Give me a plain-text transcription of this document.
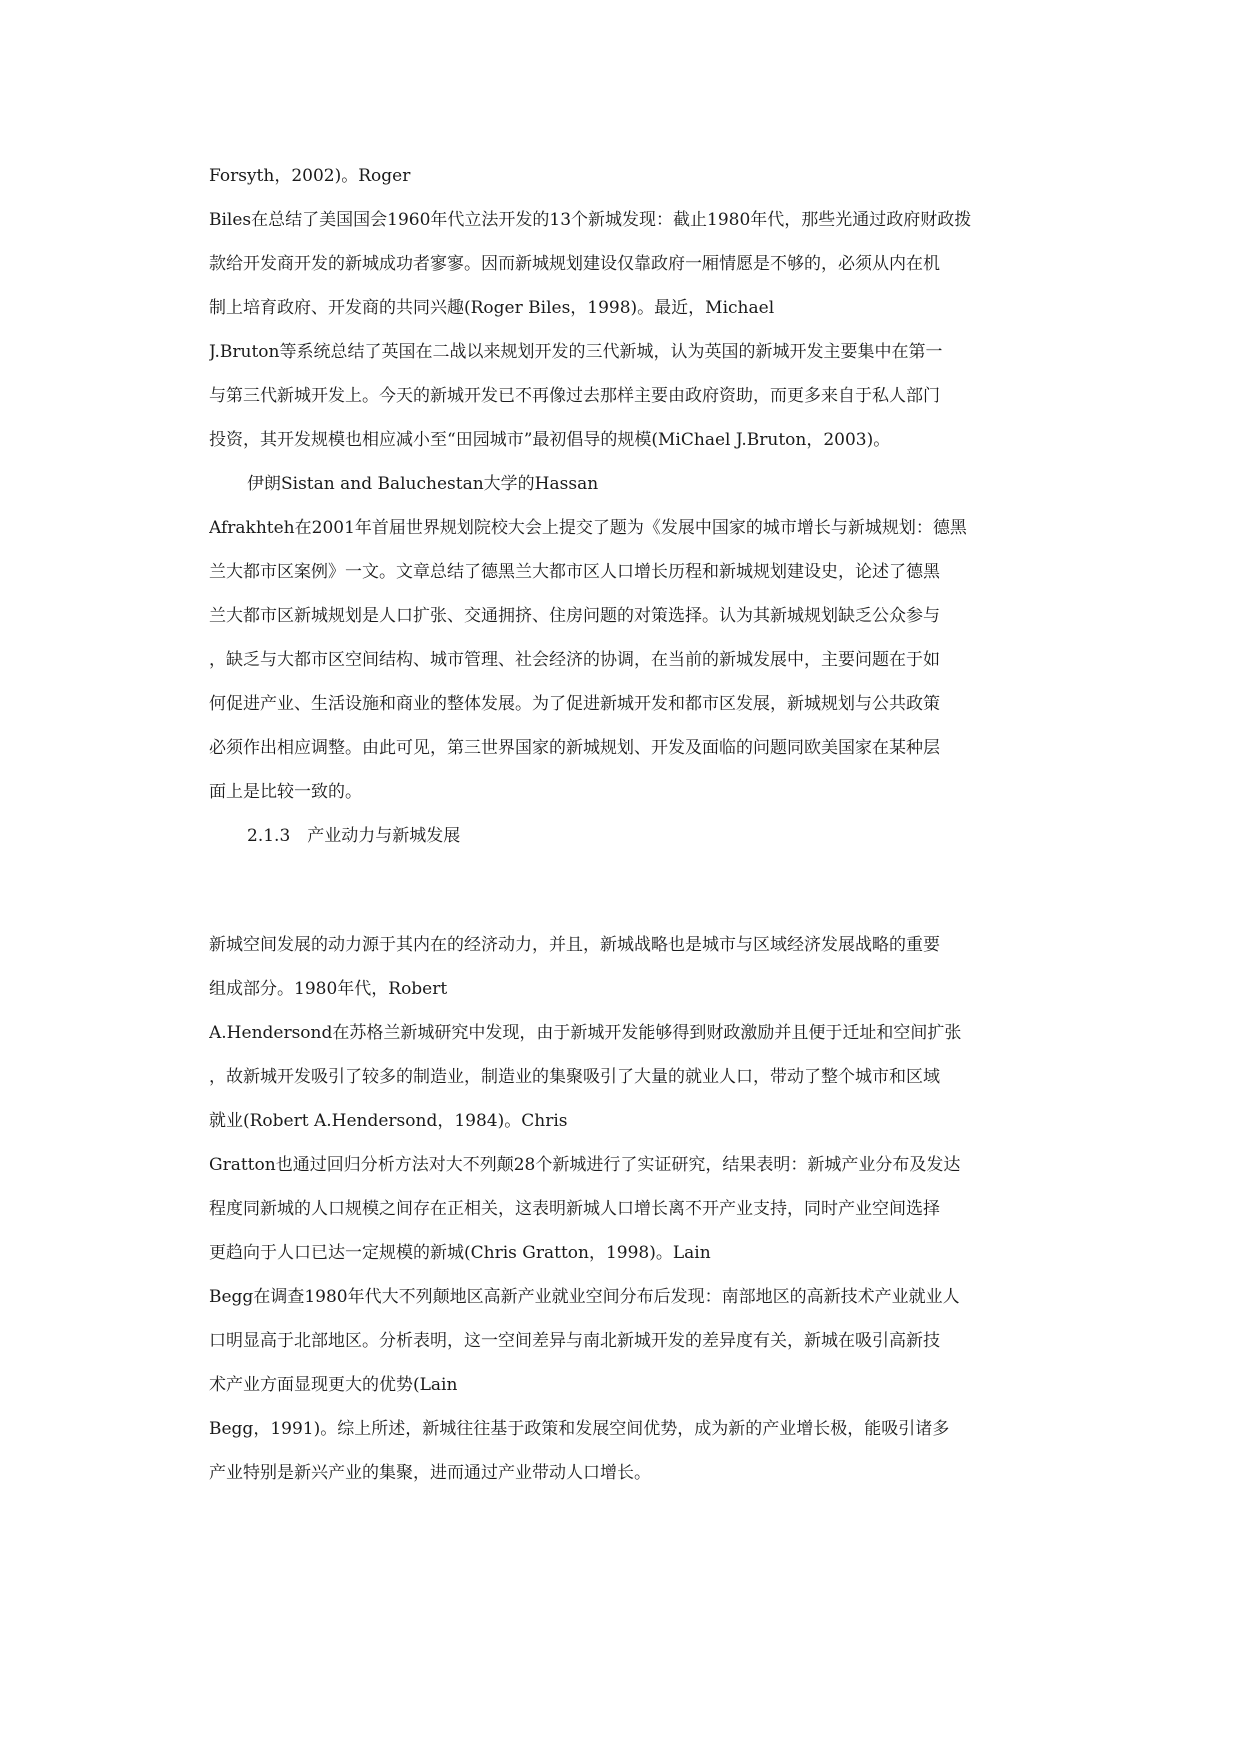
Forsyth，2002)。Roger
Biles在总结了美国国会1960年代立法开发的13个新城发现：截止1980年代，那些光通过政府财政拨
款给开发商开发的新城成功者寥寥。因而新城规划建设仅靠政府一厢情愿是不够的，必须从内在机
制上培育政府、开发商的共同兴趣(Roger Biles，1998)。最近，Michael
J.Bruton等系统总结了英国在二战以来规划开发的三代新城，认为英国的新城开发主要集中在第一
与第三代新城开发上。今天的新城开发已不再像过去那样主要由政府资助，而更多来自于私人部门
投资，其开发规模也相应减小至“田园城市”最初倡导的规模(MiChael J.Bruton，2003)。
伊朗Sistan and Baluchestan大学的Hassan
Afrakhteh在2001年首届世界规划院校大会上提交了题为《发展中国家的城市增长与新城规划：德黑
兰大都市区案例》一文。文章总结了德黑兰大都市区人口增长历程和新城规划建设史，论述了德黑
兰大都市区新城规划是人口扩张、交通拥挤、住房问题的对策选择。认为其新城规划缺乏公众参与
，缺乏与大都市区空间结构、城市管理、社会经济的协调，在当前的新城发展中，主要问题在于如
何促进产业、生活设施和商业的整体发展。为了促进新城开发和都市区发展，新城规划与公共政策
必须作出相应调整。由此可见，第三世界国家的新城规划、开发及面临的问题同欧美国家在某种层
面上是比较一致的。
2.1.3　产业动力与新城发展
新城空间发展的动力源于其内在的经济动力，并且，新城战略也是城市与区域经济发展战略的重要
组成部分。1980年代，Robert
A.Hendersond在苏格兰新城研究中发现，由于新城开发能够得到财政激励并且便于迁址和空间扩张
，故新城开发吸引了较多的制造业，制造业的集聚吸引了大量的就业人口，带动了整个城市和区域
就业(Robert A.Hendersond，1984)。Chris
Gratton也通过回归分析方法对大不列颠28个新城进行了实证研究，结果表明：新城产业分布及发达
程度同新城的人口规模之间存在正相关，这表明新城人口增长离不开产业支持，同时产业空间选择
更趋向于人口已达一定规模的新城(Chris Gratton，1998)。Lain
Begg在调查1980年代大不列颠地区高新产业就业空间分布后发现：南部地区的高新技术产业就业人
口明显高于北部地区。分析表明，这一空间差异与南北新城开发的差异度有关，新城在吸引高新技
术产业方面显现更大的优势(Lain
Begg，1991)。综上所述，新城往往基于政策和发展空间优势，成为新的产业增长极，能吸引诸多
产业特别是新兴产业的集聚，进而通过产业带动人口增长。
